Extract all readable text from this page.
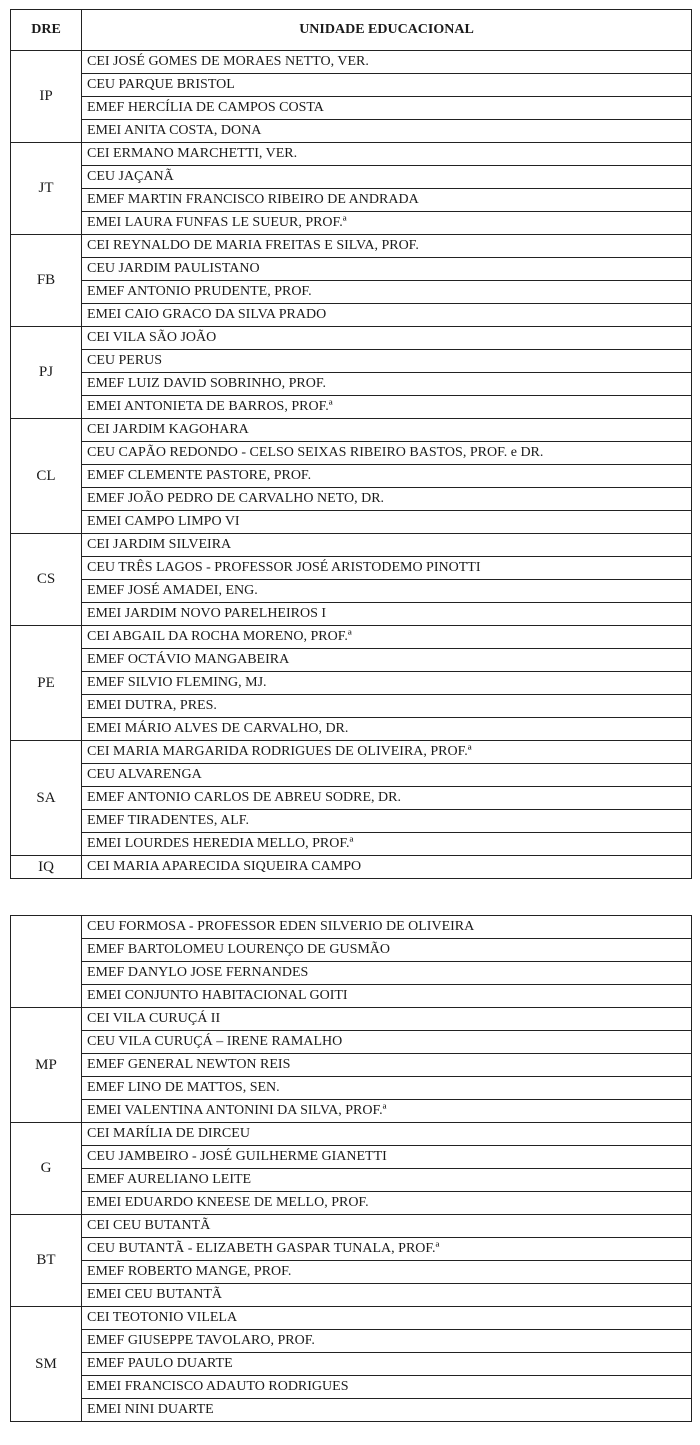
DRE	UNIDADE EDUCACIONAL
IP	CEI JOSÉ GOMES DE MORAES NETTO, VER.
	CEU PARQUE BRISTOL
	EMEF HERCÍLIA DE CAMPOS COSTA
	EMEI ANITA COSTA, DONA
JT	CEI ERMANO MARCHETTI, VER.
	CEU JAÇANÃ
	EMEF MARTIN FRANCISCO RIBEIRO DE ANDRADA
	EMEI LAURA FUNFAS LE SUEUR, PROF.ª
FB	CEI REYNALDO DE MARIA FREITAS E SILVA, PROF.
	CEU JARDIM PAULISTANO
	EMEF ANTONIO PRUDENTE, PROF.
	EMEI CAIO GRACO DA SILVA PRADO
PJ	CEI VILA SÃO JOÃO
	CEU PERUS
	EMEF LUIZ DAVID SOBRINHO, PROF.
	EMEI ANTONIETA DE BARROS, PROF.ª
CL	CEI JARDIM KAGOHARA
	CEU CAPÃO REDONDO - CELSO SEIXAS RIBEIRO BASTOS, PROF. e DR.
	EMEF CLEMENTE PASTORE, PROF.
	EMEF JOÃO PEDRO DE CARVALHO NETO, DR.
	EMEI CAMPO LIMPO VI
CS	CEI JARDIM SILVEIRA
	CEU TRÊS LAGOS - PROFESSOR JOSÉ ARISTODEMO PINOTTI
	EMEF JOSÉ AMADEI, ENG.
	EMEI JARDIM NOVO PARELHEIROS I
PE	CEI ABGAIL DA ROCHA MORENO, PROF.ª
	EMEF OCTÁVIO MANGABEIRA
	EMEF SILVIO FLEMING, MJ.
	EMEI DUTRA, PRES.
	EMEI MÁRIO ALVES DE CARVALHO, DR.
SA	CEI MARIA MARGARIDA RODRIGUES DE OLIVEIRA, PROF.ª
	CEU ALVARENGA
	EMEF ANTONIO CARLOS DE ABREU SODRE, DR.
	EMEF TIRADENTES, ALF.
	EMEI LOURDES HEREDIA MELLO, PROF.ª
IQ	CEI MARIA APARECIDA SIQUEIRA CAMPO
	CEU FORMOSA - PROFESSOR EDEN SILVERIO DE OLIVEIRA
	EMEF BARTOLOMEU LOURENÇO DE GUSMÃO
	EMEF DANYLO JOSE FERNANDES
	EMEI CONJUNTO HABITACIONAL GOITI
MP	CEI VILA CURUÇÁ II
	CEU VILA CURUÇÁ – IRENE RAMALHO
	EMEF GENERAL NEWTON REIS
	EMEF LINO DE MATTOS, SEN.
	EMEI VALENTINA ANTONINI DA SILVA, PROF.ª
G	CEI MARÍLIA DE DIRCEU
	CEU JAMBEIRO - JOSÉ GUILHERME GIANETTI
	EMEF AURELIANO LEITE
	EMEI EDUARDO KNEESE DE MELLO, PROF.
BT	CEI CEU BUTANTÃ
	CEU BUTANTÃ - ELIZABETH GASPAR TUNALA, PROF.ª
	EMEF ROBERTO MANGE, PROF.
	EMEI CEU BUTANTÃ
SM	CEI TEOTONIO VILELA
	EMEF GIUSEPPE TAVOLARO, PROF.
	EMEF PAULO DUARTE
	EMEI FRANCISCO ADAUTO RODRIGUES
	EMEI NINI DUARTE
